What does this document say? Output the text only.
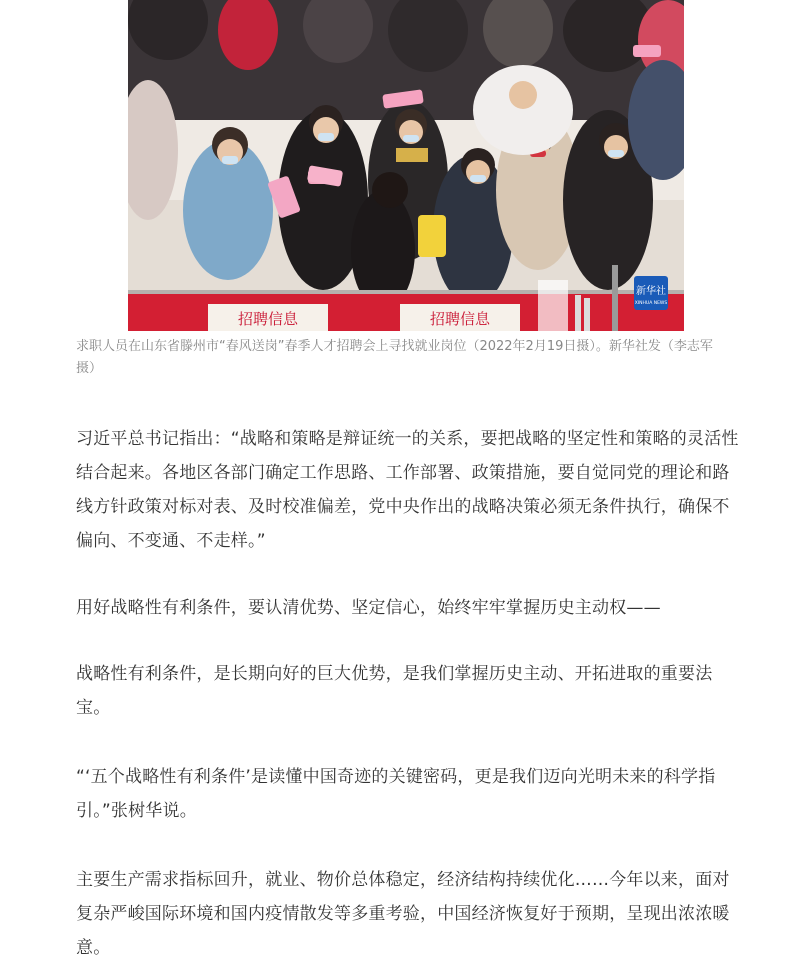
招聘信息	招聘信息
新华社
XINHUA NEWS
求职人员在山东省滕州市“春风送岗”春季人才招聘会上寻找就业岗位（2022年2月19日摄）。新华社发（李志军 摄）

习近平总书记指出：“战略和策略是辩证统一的关系，要把战略的坚定性和策略的灵活性结合起来。各地区各部门确定工作思路、工作部署、政策措施，要自觉同党的理论和路线方针政策对标对表、及时校准偏差，党中央作出的战略决策必须无条件执行，确保不偏向、不变通、不走样。”

用好战略性有利条件，要认清优势、坚定信心，始终牢牢掌握历史主动权——

战略性有利条件，是长期向好的巨大优势，是我们掌握历史主动、开拓进取的重要法宝。

“‘五个战略性有利条件’是读懂中国奇迹的关键密码，更是我们迈向光明未来的科学指引。”张树华说。

主要生产需求指标回升，就业、物价总体稳定，经济结构持续优化……今年以来，面对复杂严峻国际环境和国内疫情散发等多重考验，中国经济恢复好于预期，呈现出浓浓暖意。
